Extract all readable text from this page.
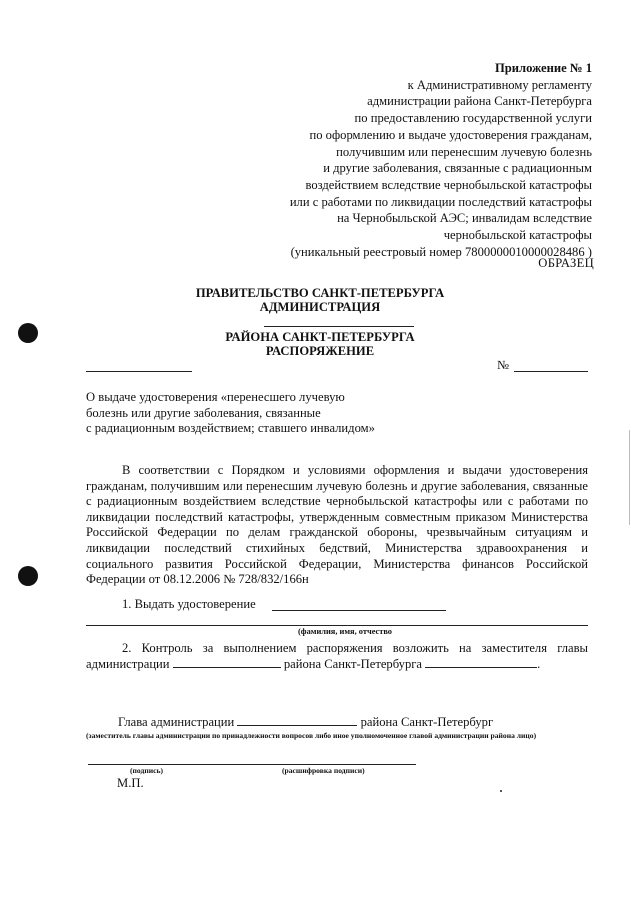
Приложение № 1
к Административному регламенту
администрации района Санкт-Петербурга
по предоставлению государственной услуги
по оформлению и выдаче удостоверения гражданам,
получившим или перенесшим лучевую болезнь
и другие заболевания, связанные с радиационным
воздействием вследствие чернобыльской катастрофы
или с работами по ликвидации последствий катастрофы
на Чернобыльской АЭС; инвалидам вследствие
чернобыльской катастрофы
(уникальный реестровый номер 7800000010000028486 )
ОБРАЗЕЦ
ПРАВИТЕЛЬСТВО САНКТ-ПЕТЕРБУРГА
АДМИНИСТРАЦИЯ
РАЙОНА САНКТ-ПЕТЕРБУРГА
РАСПОРЯЖЕНИЕ
№
О выдаче удостоверения «перенесшего лучевую
болезнь или другие заболевания, связанные
с радиационным воздействием; ставшего инвалидом»
В соответствии с Порядком и условиями оформления и выдачи удостоверения гражданам, получившим или перенесшим лучевую болезнь и другие заболевания, связанные с радиационным воздействием вследствие чернобыльской катастрофы или с работами по ликвидации последствий катастрофы, утвержденным совместным приказом Министерства Российской Федерации по делам гражданской обороны, чрезвычайным ситуациям и ликвидации последствий стихийных бедствий, Министерства здравоохранения и социального развития Российской Федерации, Министерства финансов Российской Федерации от 08.12.2006 № 728/832/166н
1. Выдать удостоверение
(фамилия, имя, отчество
2. Контроль за выполнением распоряжения возложить на заместителя главы администрации	района Санкт-Петербурга	.
Глава администрации	района Санкт-Петербург
(заместитель главы администрации по принадлежности вопросов либо иное уполномоченное главой администрации района лицо)
(подпись)	(расшифровка подписи)
М.П.
